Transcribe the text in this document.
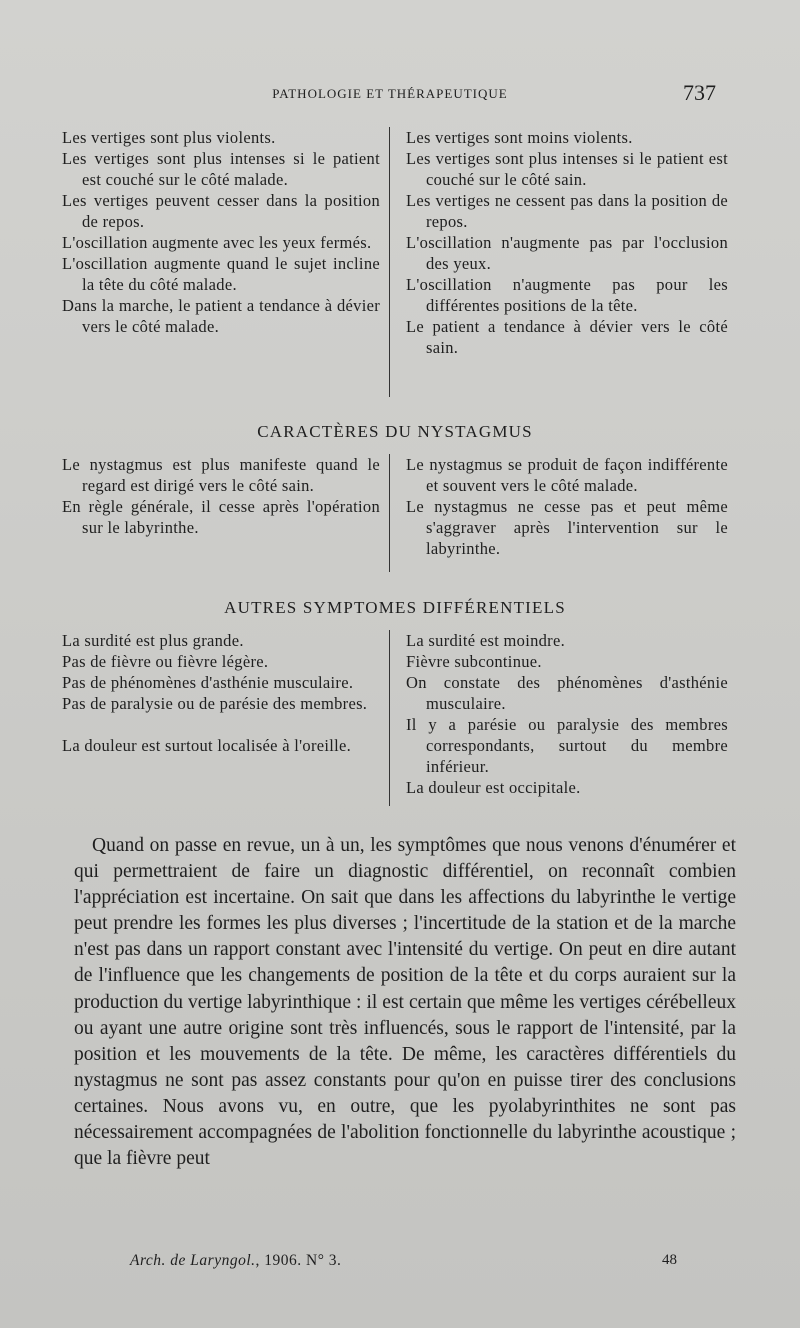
PATHOLOGIE ET THÉRAPEUTIQUE	737
Les vertiges sont plus violents.
Les vertiges sont plus intenses si le patient est couché sur le côté malade.
Les vertiges peuvent cesser dans la position de repos.
L'oscillation augmente avec les yeux fermés.
L'oscillation augmente quand le sujet incline la tête du côté malade.
Dans la marche, le patient a tendance à dévier vers le côté malade.
Les vertiges sont moins violents.
Les vertiges sont plus intenses si le patient est couché sur le côté sain.
Les vertiges ne cessent pas dans la position de repos.
L'oscillation n'augmente pas par l'occlusion des yeux.
L'oscillation n'augmente pas pour les différentes positions de la tête.
Le patient a tendance à dévier vers le côté sain.
CARACTÈRES DU NYSTAGMUS
Le nystagmus est plus manifeste quand le regard est dirigé vers le côté sain.
En règle générale, il cesse après l'opération sur le labyrinthe.
Le nystagmus se produit de façon indifférente et souvent vers le côté malade.
Le nystagmus ne cesse pas et peut même s'aggraver après l'intervention sur le labyrinthe.
AUTRES SYMPTOMES DIFFÉRENTIELS
La surdité est plus grande.
Pas de fièvre ou fièvre légère.
Pas de phénomènes d'asthénie musculaire.
Pas de paralysie ou de parésie des membres.
La douleur est surtout localisée à l'oreille.
La surdité est moindre.
Fièvre subcontinue.
On constate des phénomènes d'asthénie musculaire.
Il y a parésie ou paralysie des membres correspondants, surtout du membre inférieur.
La douleur est occipitale.
Quand on passe en revue, un à un, les symptômes que nous venons d'énumérer et qui permettraient de faire un diagnostic différentiel, on reconnaît combien l'appréciation est incertaine. On sait que dans les affections du labyrinthe le vertige peut prendre les formes les plus diverses ; l'incertitude de la station et de la marche n'est pas dans un rapport constant avec l'intensité du vertige. On peut en dire autant de l'influence que les changements de position de la tête et du corps auraient sur la production du vertige labyrinthique : il est certain que même les vertiges cérébelleux ou ayant une autre origine sont très influencés, sous le rapport de l'intensité, par la position et les mouvements de la tête. De même, les caractères différentiels du nystagmus ne sont pas assez constants pour qu'on en puisse tirer des conclusions certaines. Nous avons vu, en outre, que les pyolabyrinthites ne sont pas nécessairement accompagnées de l'abolition fonctionnelle du labyrinthe acoustique ; que la fièvre peut
Arch. de Laryngol., 1906. N° 3.	48
